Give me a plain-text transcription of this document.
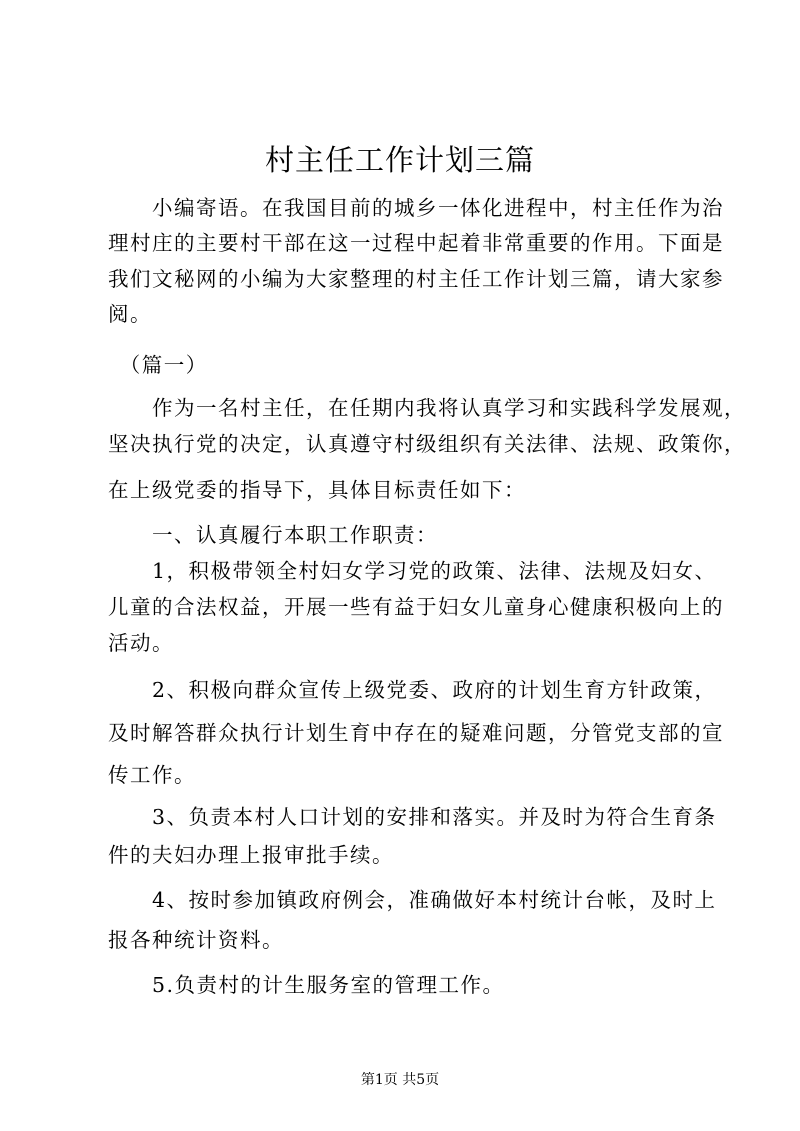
村主任工作计划三篇
　　小编寄语。在我国目前的城乡一体化进程中，村主任作为治
理村庄的主要村干部在这一过程中起着非常重要的作用。下面是
我们文秘网的小编为大家整理的村主任工作计划三篇，请大家参
阅。
　（篇一）
　　作为一名村主任，在任期内我将认真学习和实践科学发展观，
坚决执行党的决定，认真遵守村级组织有关法律、法规、政策你，
在上级党委的指导下，具体目标责任如下：
　　一、认真履行本职工作职责：
　　1，积极带领全村妇女学习党的政策、法律、法规及妇女、
儿童的合法权益，开展一些有益于妇女儿童身心健康积极向上的
活动。
　　2、积极向群众宣传上级党委、政府的计划生育方针政策，
及时解答群众执行计划生育中存在的疑难问题，分管党支部的宣
传工作。
　　3、负责本村人口计划的安排和落实。并及时为符合生育条
件的夫妇办理上报审批手续。
　　4、按时参加镇政府例会，准确做好本村统计台帐，及时上
报各种统计资料。
　　5.负责村的计生服务室的管理工作。
第1页 共5页
